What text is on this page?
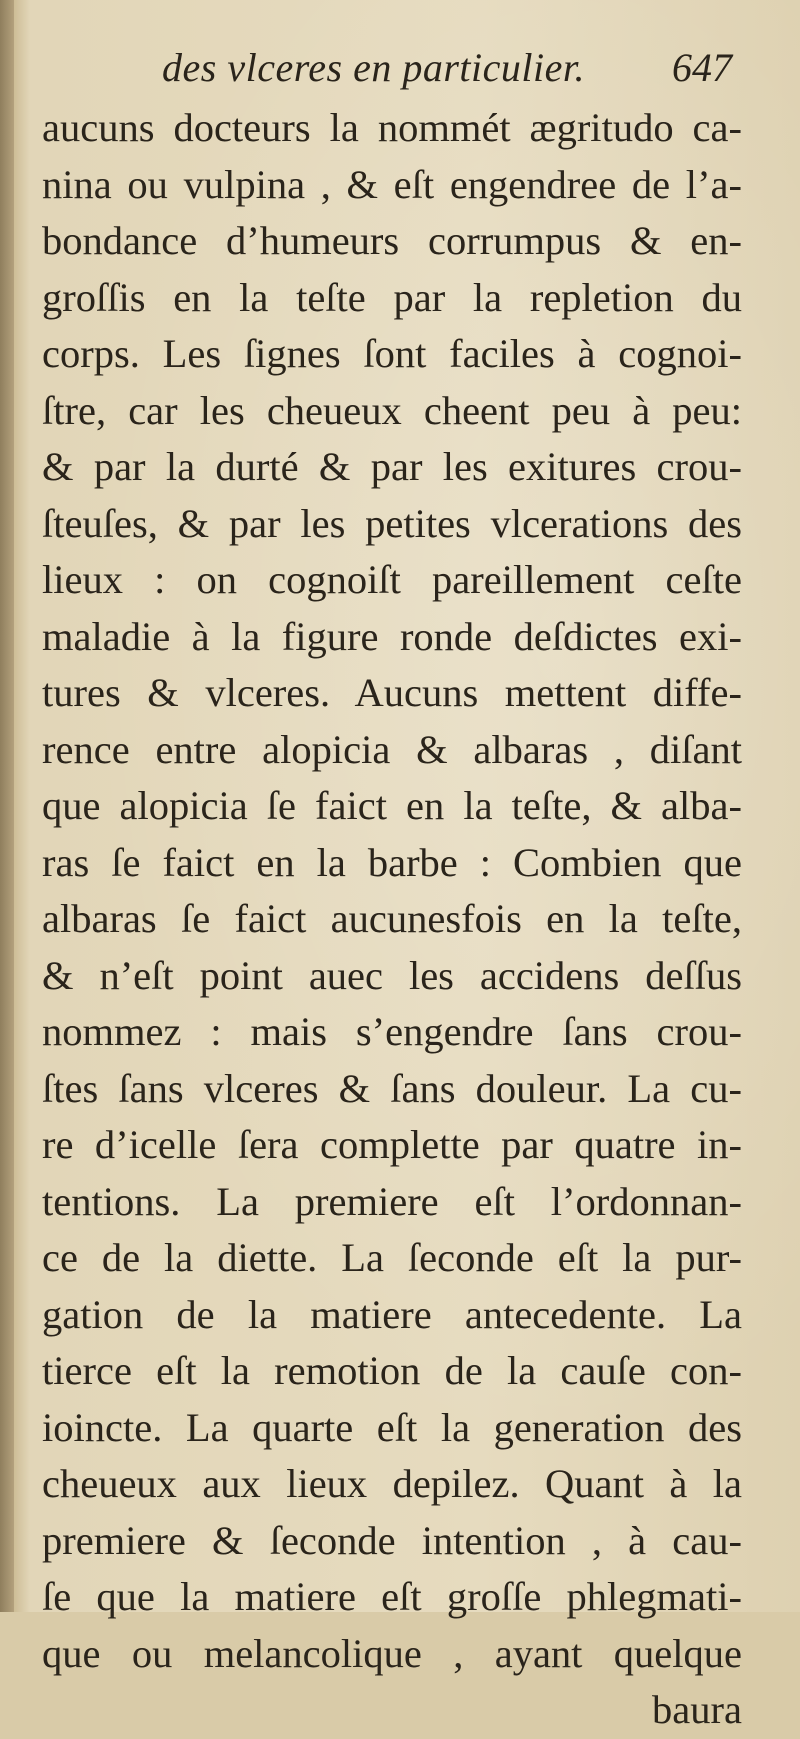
des vlceres en particulier. 647
aucuns docteurs la nommét ægritudo ca-
nina ou vulpina , & eſt engendree de l’a-
bondance d’humeurs corrumpus & en-
groſſis en la teſte par la repletion du
corps. Les ſignes ſont faciles à cognoi-
ſtre, car les cheueux cheent peu à peu:
& par la durté & par les exitures crou-
ſteuſes, & par les petites vlcerations des
lieux : on cognoiſt pareillement ceſte
maladie à la figure ronde deſdictes exi-
tures & vlceres. Aucuns mettent diffe-
rence entre alopicia & albaras , diſant
que alopicia ſe faict en la teſte, & alba-
ras ſe faict en la barbe : Combien que
albaras ſe faict aucunesfois en la teſte,
& n’eſt point auec les accidens deſſus
nommez : mais s’engendre ſans crou-
ſtes ſans vlceres & ſans douleur. La cu-
re d’icelle ſera complette par quatre in-
tentions. La premiere eſt l’ordonnan-
ce de la diette. La ſeconde eſt la pur-
gation de la matiere antecedente. La
tierce eſt la remotion de la cauſe con-
ioincte. La quarte eſt la generation des
cheueux aux lieux depilez. Quant à la
premiere & ſeconde intention , à cau-
ſe que la matiere eſt groſſe phlegmati-
que ou melancolique , ayant quelque
baura
